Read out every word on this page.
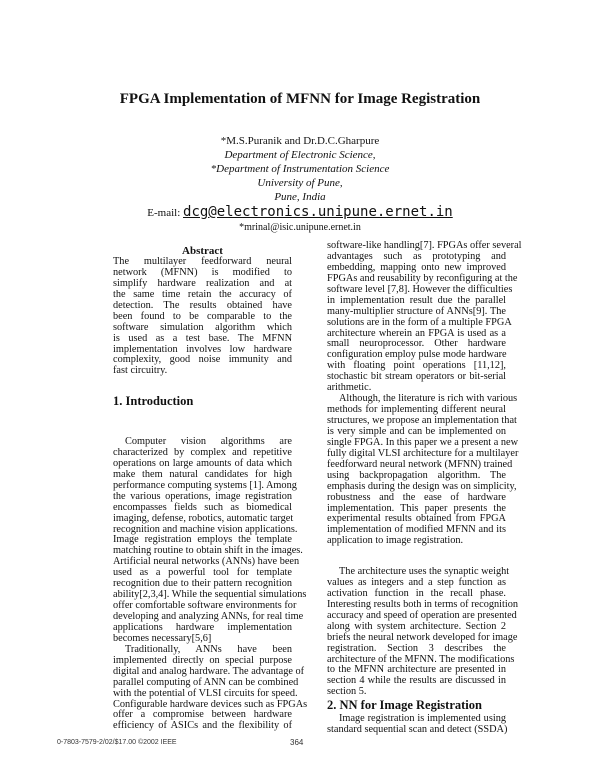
FPGA Implementation of MFNN for Image Registration
*M.S.Puranik and Dr.D.C.Gharpure
Department of Electronic Science,
*Department of Instrumentation Science
University of Pune,
Pune, India
E-mail: dcg@electronics.unipune.ernet.in
*mrinal@isic.unipune.ernet.in
Abstract
The multilayer feedforward neural
network (MFNN) is modified to
simplify hardware realization and at
the same time retain the accuracy of
detection. The results obtained have
been found to be comparable to the
software simulation algorithm which
is used as a test base. The MFNN
implementation involves low hardware
complexity, good noise immunity and
fast circuitry.
1. Introduction
Computer vision algorithms are
characterized by complex and repetitive
operations on large amounts of data which
make them natural candidates for high
performance computing systems [1]. Among
the various operations, image registration
encompasses fields such as biomedical
imaging, defense, robotics, automatic target
recognition and machine vision applications.
Image registration employs the template
matching routine to obtain shift in the images.
Artificial neural networks (ANNs) have been
used as a powerful tool for template
recognition due to their pattern recognition
ability[2,3,4]. While the sequential simulations
offer comfortable software environments for
developing and analyzing ANNs, for real time
applications hardware implementation
becomes necessary[5,6]
Traditionally, ANNs have been
implemented directly on special purpose
digital and analog hardware. The advantage of
parallel computing of ANN can be combined
with the potential of VLSI circuits for speed.
Configurable hardware devices such as FPGAs
offer a compromise between hardware
efficiency of ASICs and the flexibility of
software-like handling[7]. FPGAs offer several
advantages such as prototyping and
embedding, mapping onto new improved
FPGAs and reusability by reconfiguring at the
software level [7,8]. However the difficulties
in implementation result due the parallel
many-multiplier structure of ANNs[9]. The
solutions are in the form of a multiple FPGA
architecture wherein an FPGA is used as a
small neuroprocessor. Other hardware
configuration employ pulse mode hardware
with floating point operations [11,12],
stochastic bit stream operators or bit-serial
arithmetic.
Although, the literature is rich with various
methods for implementing different neural
structures, we propose an implementation that
is very simple and can be implemented on
single FPGA. In this paper we a present a new
fully digital VLSI architecture for a multilayer
feedforward neural network (MFNN) trained
using backpropagation algorithm. The
emphasis during the design was on simplicity,
robustness and the ease of hardware
implementation. This paper presents the
experimental results obtained from FPGA
implementation of modified MFNN and its
application to image registration.
The architecture uses the synaptic weight
values as integers and a step function as
activation function in the recall phase.
Interesting results both in terms of recognition
accuracy and speed of operation are presented
along with system architecture. Section 2
briefs the neural network developed for image
registration. Section 3 describes the
architecture of the MFNN. The modifications
to the MFNN architecture are presented in
section 4 while the results are discussed in
section 5.
2. NN for Image Registration
Image registration is implemented using
standard sequential scan and detect (SSDA)
0-7803-7579-2/02/$17.00 ©2002 IEEE	364
